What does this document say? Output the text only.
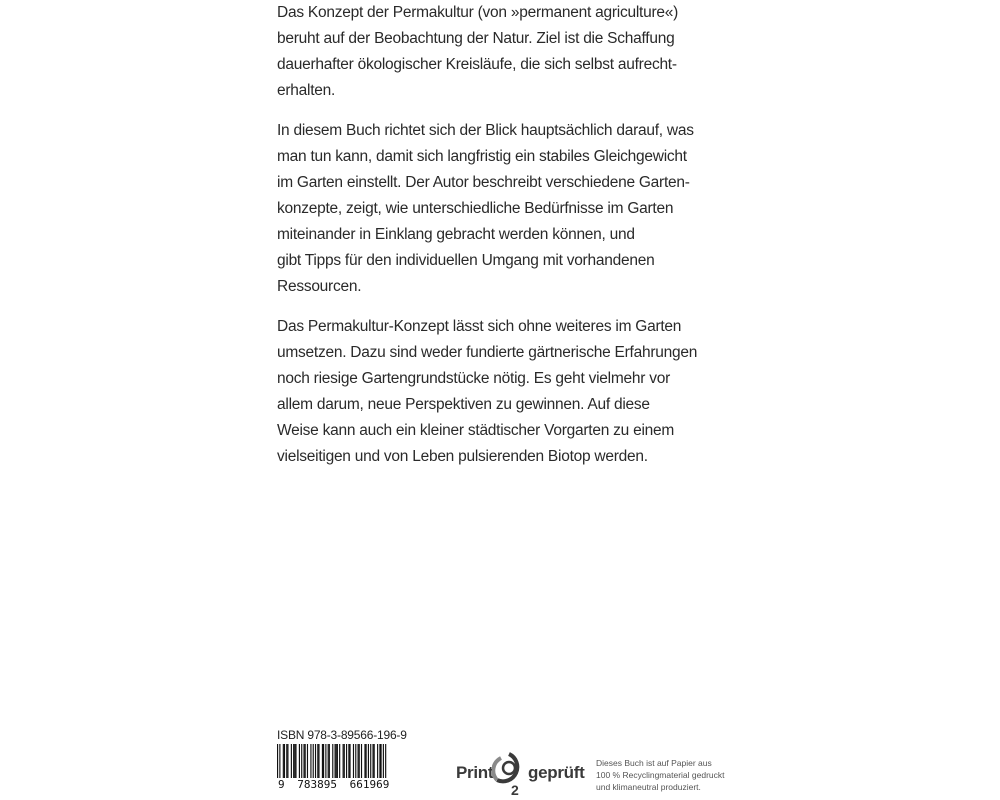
Das Konzept der Permakultur (von »permanent agriculture«)
beruht auf der Beobachtung der Natur. Ziel ist die Schaffung
dauerhafter ökologischer Kreisläufe, die sich selbst aufrecht-
erhalten.

In diesem Buch richtet sich der Blick hauptsächlich darauf, was
man tun kann, damit sich langfristig ein stabiles Gleichgewicht
im Garten einstellt. Der Autor beschreibt verschiedene Garten-
konzepte, zeigt, wie unterschiedliche Bedürfnisse im Garten
miteinander in Einklang gebracht werden können, und
gibt Tipps für den individuellen Umgang mit vorhandenen
Ressourcen.

Das Permakultur-Konzept lässt sich ohne weiteres im Garten
umsetzen. Dazu sind weder fundierte gärtnerische Erfahrungen
noch riesige Gartengrundstücke nötig. Es geht vielmehr vor
allem darum, neue Perspektiven zu gewinnen. Auf diese
Weise kann auch ein kleiner städtischer Vorgarten zu einem
vielseitigen und von Leben pulsierenden Biotop werden.

ISBN 978-3-89566-196-9
9 783895 661969
Print
2
geprüft Dieses Buch ist auf Papier aus
100 % Recyclingmaterial gedruckt
und klimaneutral produziert.
